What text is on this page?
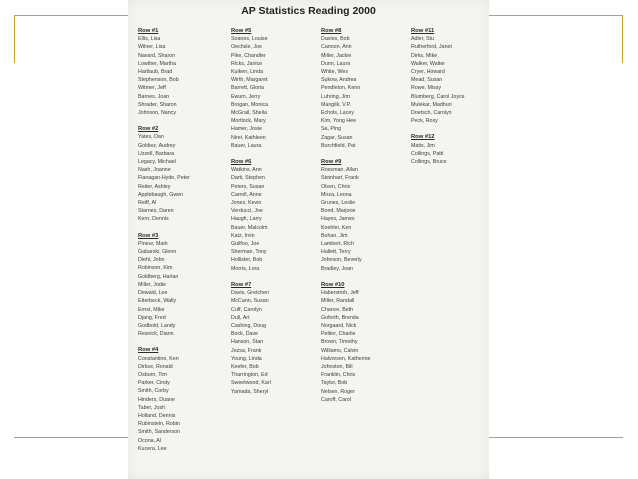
AP Statistics Reading 2000
Row #1
Ellis, Lisa
Wilner, Lisa
Navard, Sharon
Lowther, Martha
Hartlaub, Brad
Stephenson, Bob
Witmer, Jeff
Barnes, Joan
Shrader, Sharon
Johnson, Nancy
Row #2
Yates, Dan
Goldiez, Audrey
Uzzell, Barbara
Legacy, Michael
Nash, Joanne
Flanagan-Hyde, Peter
Reiter, Ashley
Applebaugh, Gwen
Reiff, Al
Starnes, Daren
Kern, Dennis
Row #3
Pineur, Mark
Gabarski, Glenn
Diehl, John
Robinson, Kim
Goldberg, Harlan
Miller, Jodie
Dewald, Lee
Etterbeck, Wally
Ernst, Mike
Djang, Fred
Godbold, Landy
Resnick, Diann
Row #4
Constantine, Ken
Dirkse, Ronald
Osburn, Tim
Parker, Cindy
Smith, Corby
Hinders, Duane
Taber, Josh
Holland, Dennis
Rubinstein, Robin
Smith, Sanderson
Ocona, Al
Kucera, Lee
Row #5
Soanes, Louise
Oechsle, Joe
Pike, Chandler
Ricks, Janice
Kuiken, Linda
Wirth, Margaret
Barrett, Gloria
Ewum, Jerry
Brogan, Monica
McGrail, Sheila
Mortlock, Mary
Hamer, Josie
Nirei, Kathleen
Bauer, Laura
Row #6
Watkins, Ann
Darti, Stephen
Peters, Susan
Carroll, Anne
Jones, Kevin
Verducci, Joe
Haugh, Larry
Bauer, Malcolm
Katz, Irvin
Guilfoo, Joe
Sherman, Tony
Hollister, Bob
Morris, Lora
Row #7
Davis, Gretchen
McCann, Susan
Cuff, Carolyn
Dull, Art
Cashing, Doug
Bock, Dave
Hanson, Stan
Jozsa, Frank
Young, Linda
Keefer, Bob
Tharrington, Ed
Sweetwood, Karl
Yamada, Sheryl
Row #8
Davies, Bob
Cannon, Ann
Miller, Jackie
Dunn, Laura
White, Wes
Sukow, Andrea
Pendleton, Kenn
Luhring, Jim
Mangilk, V.P.
Echols, Lacey
Kim, Yong Hee
Sa, Ping
Zagar, Susan
Burchfield, Pat
Row #9
Rossman, Allan
Steinhart, Frank
Olsen, Chris
Mirza, Leona
Grunes, Leslie
Bond, Marjorie
Hayes, James
Koehler, Ken
Bohan, Jim
Lambert, Rich
Hallett, Terry
Johnson, Beverly
Bradley, Joan
Row #10
Haberstroh, Jeff
Miller, Randall
Chance, Beth
Goforth, Brenda
Norgaard, Nick
Peltier, Charlie
Brown, Timothy
Williams, Calvin
Halvorsen, Katherine
Johnston, Bill
Franklin, Chris
Taylor, Bob
Nelsen, Roger
Caroff, Carol
Row #11
Adler, Stu
Rutherford, Janet
Dirks, Mike
Walker, Walter
Cryer, Howard
Mead, Susan
Rowe, Missy
Blumberg, Carol Joyce
Mulekar, Madhuri
Doetsch, Carolyn
Peck, Roxy
Row #12
Matis, Jim
Collings, Patti
Collings, Bruce
